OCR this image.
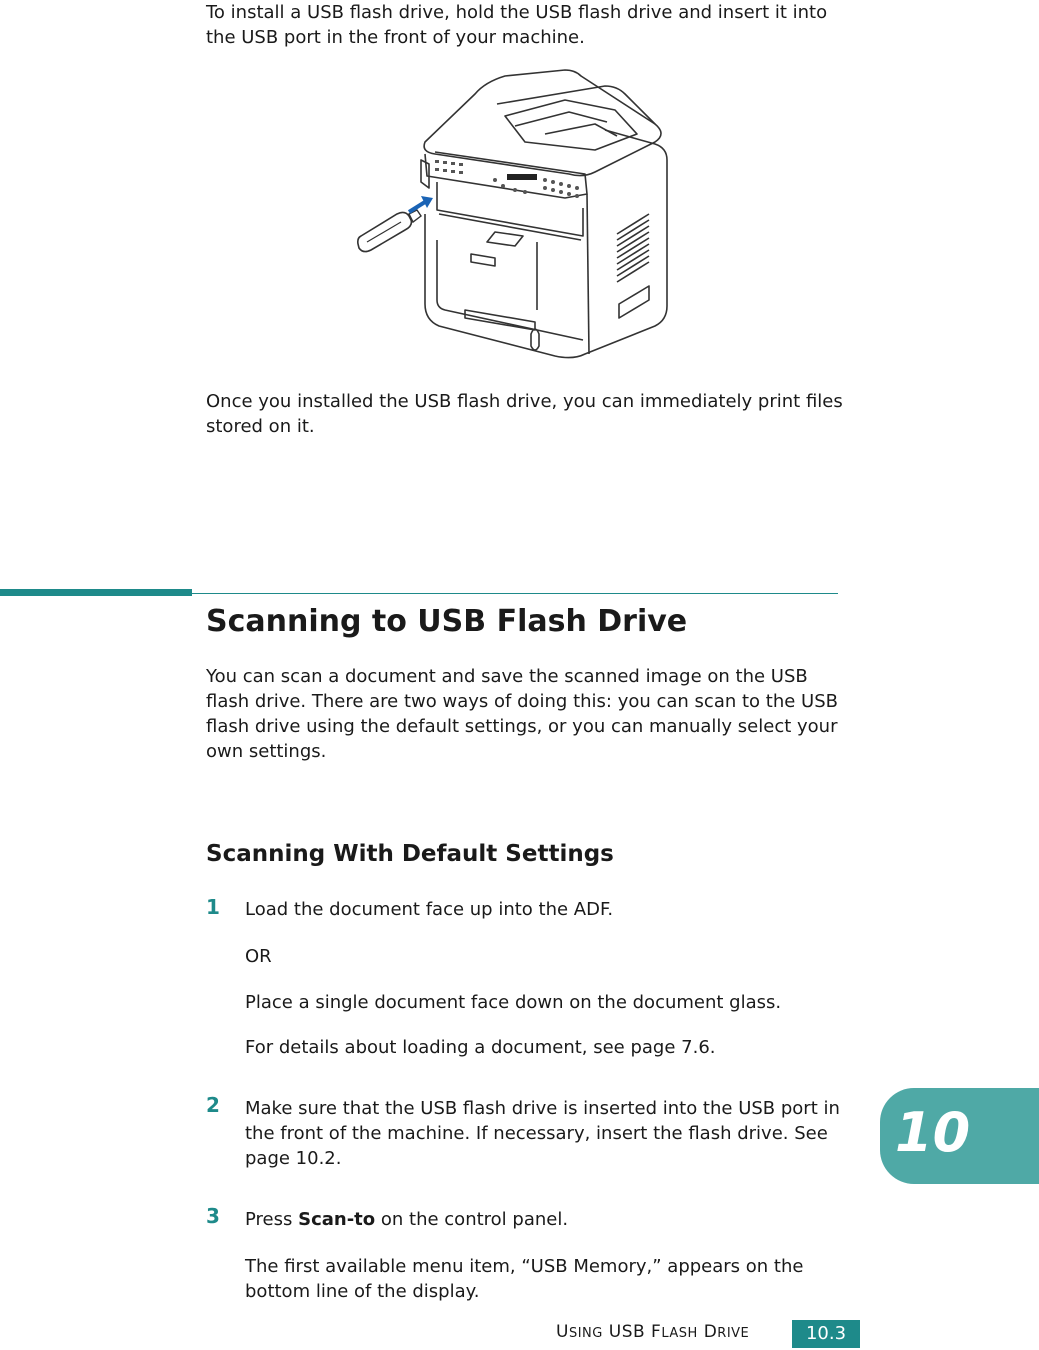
To install a USB flash drive, hold the USB flash drive and insert it into the USB port in the front of your machine.

Once you installed the USB flash drive, you can immediately print files stored on it.

Scanning to USB Flash Drive

You can scan a document and save the scanned image on the USB flash drive. There are two ways of doing this: you can scan to the USB flash drive using the default settings, or you can manually select your own settings.

Scanning With Default Settings
1 Load the document face up into the ADF.

OR

Place a single document face down on the document glass.

For details about loading a document, see page 7.6.

2 Make sure that the USB flash drive is inserted into the USB port in the front of the machine. If necessary, insert the flash drive. See page 10.2.

3 Press Scan-to on the control panel.

The first available menu item, “USB Memory,” appears on the bottom line of the display.

10
USING USB FLASH DRIVE	10.3
